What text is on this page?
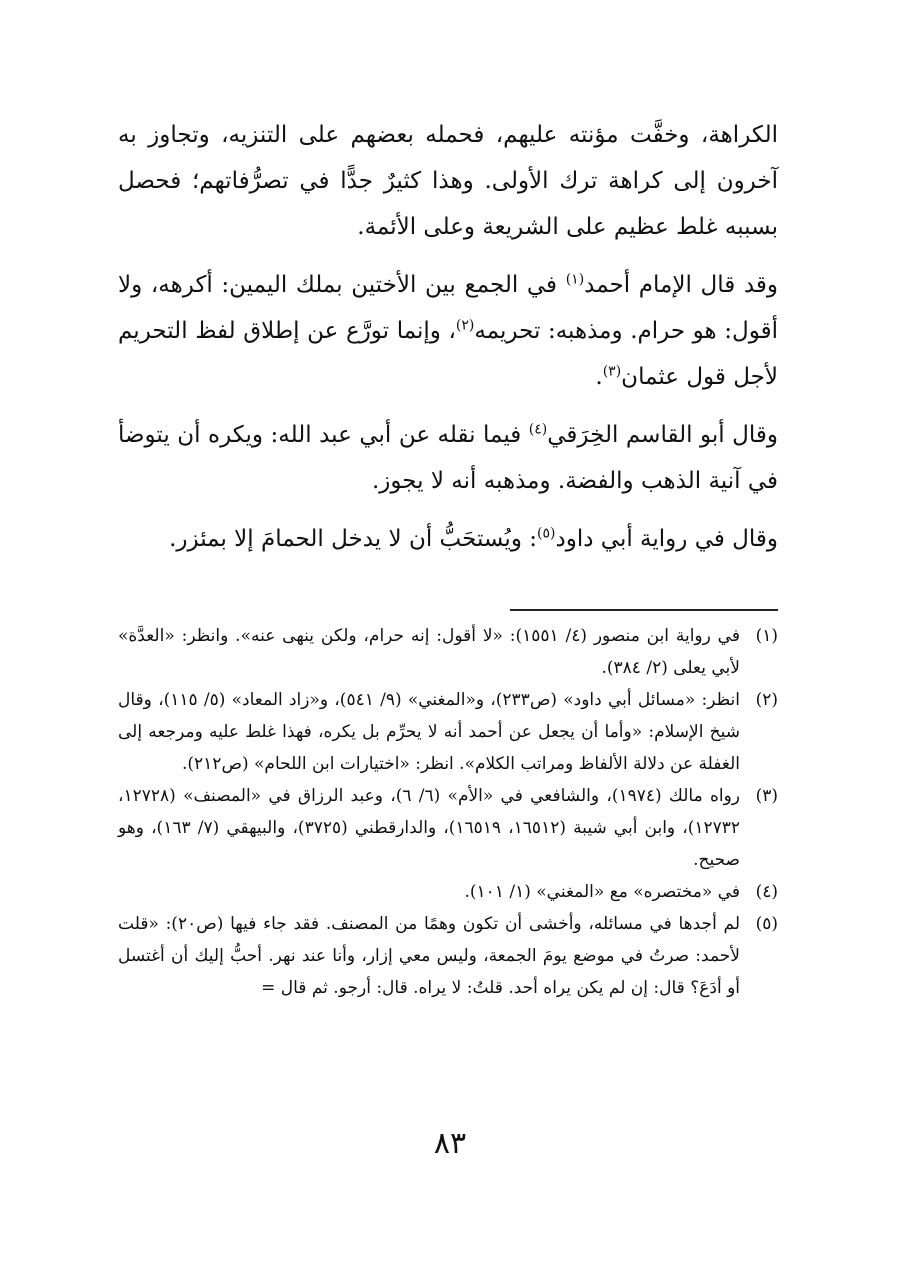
الكراهة، وخفَّت مؤنته عليهم، فحمله بعضهم على التنزيه، وتجاوز به آخرون إلى كراهة ترك الأولى. وهذا كثيرٌ جدًّا في تصرُّفاتهم؛ فحصل بسببه غلط عظيم على الشريعة وعلى الأئمة.

وقد قال الإمام أحمد$^{(١)}$ في الجمع بين الأختين بملك اليمين: أكرهه، ولا أقول: هو حرام. ومذهبه: تحريمه$^{(٢)}$، وإنما تورَّع عن إطلاق لفظ التحريم لأجل قول عثمان$^{(٣)}$.

وقال أبو القاسم الخِرَقي$^{(٤)}$ فيما نقله عن أبي عبد الله: ويكره أن يتوضأ في آنية الذهب والفضة. ومذهبه أنه لا يجوز.

وقال في رواية أبي داود$^{(٥)}$: ويُستحَبُّ أن لا يدخل الحمامَ إلا بمئزر.

(١)
في رواية ابن منصور (٤/ ١٥٥١): «لا أقول: إنه حرام، ولكن ينهى عنه». وانظر: «العدَّة» لأبي يعلى (٢/ ٣٨٤).
(٢)
انظر: «مسائل أبي داود» (ص٢٣٣)، و«المغني» (٩/ ٥٤١)، و«زاد المعاد» (٥/ ١١٥)، وقال شيخ الإسلام: «وأما أن يجعل عن أحمد أنه لا يحرِّم بل يكره، فهذا غلط عليه ومرجعه إلى الغفلة عن دلالة الألفاظ ومراتب الكلام». انظر: «اختيارات ابن اللحام» (ص٢١٢).
(٣)
رواه مالك (١٩٧٤)، والشافعي في «الأم» (٦/ ٦)، وعبد الرزاق في «المصنف» (١٢٧٢٨، ١٢٧٣٢)، وابن أبي شيبة (١٦٥١٢، ١٦٥١٩)، والدارقطني (٣٧٢٥)، والبيهقي (٧/ ١٦٣)، وهو صحيح.
(٤)
في «مختصره» مع «المغني» (١/ ١٠١).
(٥)
لم أجدها في مسائله، وأخشى أن تكون وهمًا من المصنف. فقد جاء فيها (ص٢٠): «قلت لأحمد: صرتُ في موضع يومَ الجمعة، وليس معي إزار، وأنا عند نهر. أحبُّ إليك أن أغتسل أو أدَعَ؟ قال: إن لم يكن يراه أحد. قلتُ: لا يراه. قال: أرجو. ثم قال =
٨٣
